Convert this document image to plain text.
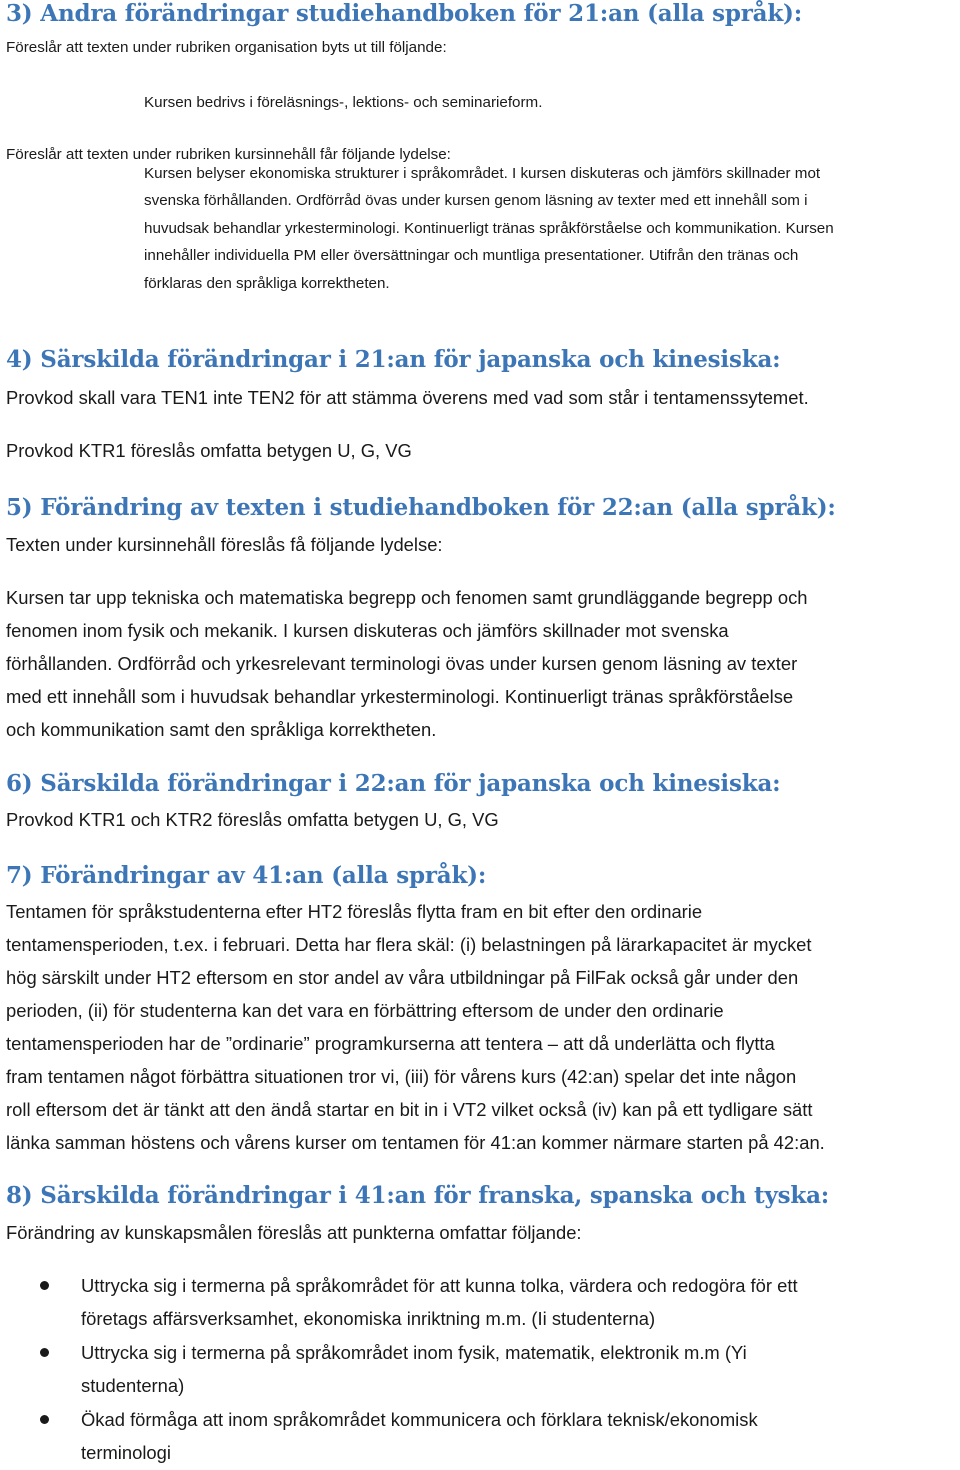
3) Andra förändringar studiehandboken för 21:an (alla språk):

Föreslår att texten under rubriken organisation byts ut till följande:

Kursen bedrivs i föreläsnings-, lektions- och seminarieform.

Föreslår att texten under rubriken kursinnehåll får följande lydelse:

Kursen belyser ekonomiska strukturer i språkområdet. I kursen diskuteras och jämförs skillnader mot
svenska förhållanden. Ordförråd övas under kursen genom läsning av texter med ett innehåll som i
huvudsak behandlar yrkesterminologi. Kontinuerligt tränas språkförståelse och kommunikation. Kursen
innehåller individuella PM eller översättningar och muntliga presentationer. Utifrån den tränas och
förklaras den språkliga korrektheten.
4) Särskilda förändringar i 21:an för japanska och kinesiska:

Provkod skall vara TEN1 inte TEN2 för att stämma överens med vad som står i tentamenssytemet.

Provkod KTR1 föreslås omfatta betygen U, G, VG

5) Förändring av texten i studiehandboken för 22:an (alla språk):

Texten under kursinnehåll föreslås få följande lydelse:

Kursen tar upp tekniska och matematiska begrepp och fenomen samt grundläggande begrepp och
fenomen inom fysik och mekanik. I kursen diskuteras och jämförs skillnader mot svenska
förhållanden. Ordförråd och yrkesrelevant terminologi övas under kursen genom läsning av texter
med ett innehåll som i huvudsak behandlar yrkesterminologi. Kontinuerligt tränas språkförståelse
och kommunikation samt den språkliga korrektheten.
6) Särskilda förändringar i 22:an för japanska och kinesiska:

Provkod KTR1 och KTR2 föreslås omfatta betygen U, G, VG

7) Förändringar av 41:an (alla språk):
Tentamen för språkstudenterna efter HT2 föreslås flytta fram en bit efter den ordinarie
tentamensperioden, t.ex. i februari. Detta har flera skäl: (i) belastningen på lärarkapacitet är mycket
hög särskilt under HT2 eftersom en stor andel av våra utbildningar på FilFak också går under den
perioden, (ii) för studenterna kan det vara en förbättring eftersom de under den ordinarie
tentamensperioden har de ”ordinarie” programkurserna att tentera – att då underlätta och flytta
fram tentamen något förbättra situationen tror vi, (iii) för vårens kurs (42:an) spelar det inte någon
roll eftersom det är tänkt att den ändå startar en bit in i VT2 vilket också (iv) kan på ett tydligare sätt
länka samman höstens och vårens kurser om tentamen för 41:an kommer närmare starten på 42:an.
8) Särskilda förändringar i 41:an för franska, spanska och tyska:

Förändring av kunskapsmålen föreslås att punkterna omfattar följande:

Uttrycka sig i termerna på språkområdet för att kunna tolka, värdera och redogöra för ett
företags affärsverksamhet, ekonomiska inriktning m.m. (Ii studenterna)
Uttrycka sig i termerna på språkområdet inom fysik, matematik, elektronik m.m (Yi
studenterna)
Ökad förmåga att inom språkområdet kommunicera och förklara teknisk/ekonomisk
terminologi
